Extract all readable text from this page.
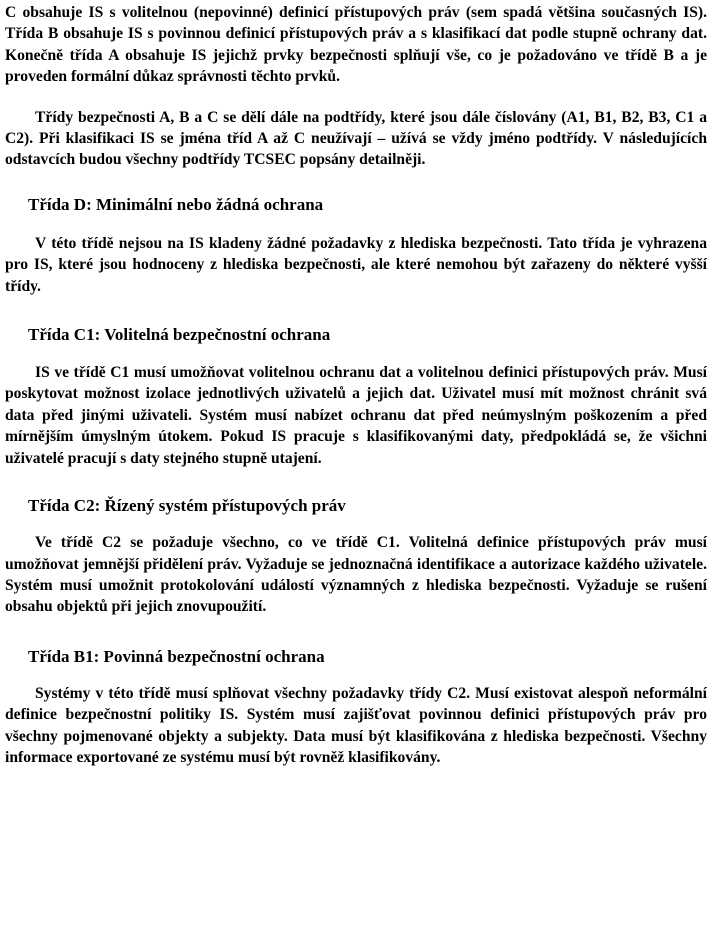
C obsahuje IS s volitelnou (nepovinné) definicí přístupových práv (sem spadá většina současných IS). Třída B obsahuje IS s povinnou definicí přístupových práv a s klasifikací dat podle stupně ochrany dat. Konečně třída A obsahuje IS jejichž prvky bezpečnosti splňují vše, co je požadováno ve třídě B a je proveden formální důkaz správnosti těchto prvků.

Třídy bezpečnosti A, B a C se dělí dále na podtřídy, které jsou dále číslovány (A1, B1, B2, B3, C1 a C2). Při klasifikaci IS se jména tříd A až C neužívají – užívá se vždy jméno podtřídy. V následujících odstavcích budou všechny podtřídy TCSEC popsány detailněji.

Třída D: Minimální nebo žádná ochrana

V této třídě nejsou na IS kladeny žádné požadavky z hlediska bezpečnosti. Tato třída je vyhrazena pro IS, které jsou hodnoceny z hlediska bezpečnosti, ale které nemohou být zařazeny do některé vyšší třídy.

Třída C1: Volitelná bezpečnostní ochrana

IS ve třídě C1 musí umožňovat volitelnou ochranu dat a volitelnou definici přístupových práv. Musí poskytovat možnost izolace jednotlivých uživatelů a jejich dat. Uživatel musí mít možnost chránit svá data před jinými uživateli. Systém musí nabízet ochranu dat před neúmyslným poškozením a před mírnějším úmyslným útokem. Pokud IS pracuje s klasifikovanými daty, předpokládá se, že všichni uživatelé pracují s daty stejného stupně utajení.

Třída C2: Řízený systém přístupových práv

Ve třídě C2 se požaduje všechno, co ve třídě C1. Volitelná definice přístupových práv musí umožňovat jemnější přidělení práv. Vyžaduje se jednoznačná identifikace a autorizace každého uživatele. Systém musí umožnit protokolování událostí významných z hlediska bezpečnosti. Vyžaduje se rušení obsahu objektů při jejich znovupoužití.

Třída B1: Povinná bezpečnostní ochrana

Systémy v této třídě musí splňovat všechny požadavky třídy C2. Musí existovat alespoň neformální definice bezpečnostní politiky IS. Systém musí zajišťovat povinnou definici přístupových práv pro všechny pojmenované objekty a subjekty. Data musí být klasifikována z hlediska bezpečnosti. Všechny informace exportované ze systému musí být rovněž klasifikovány.
